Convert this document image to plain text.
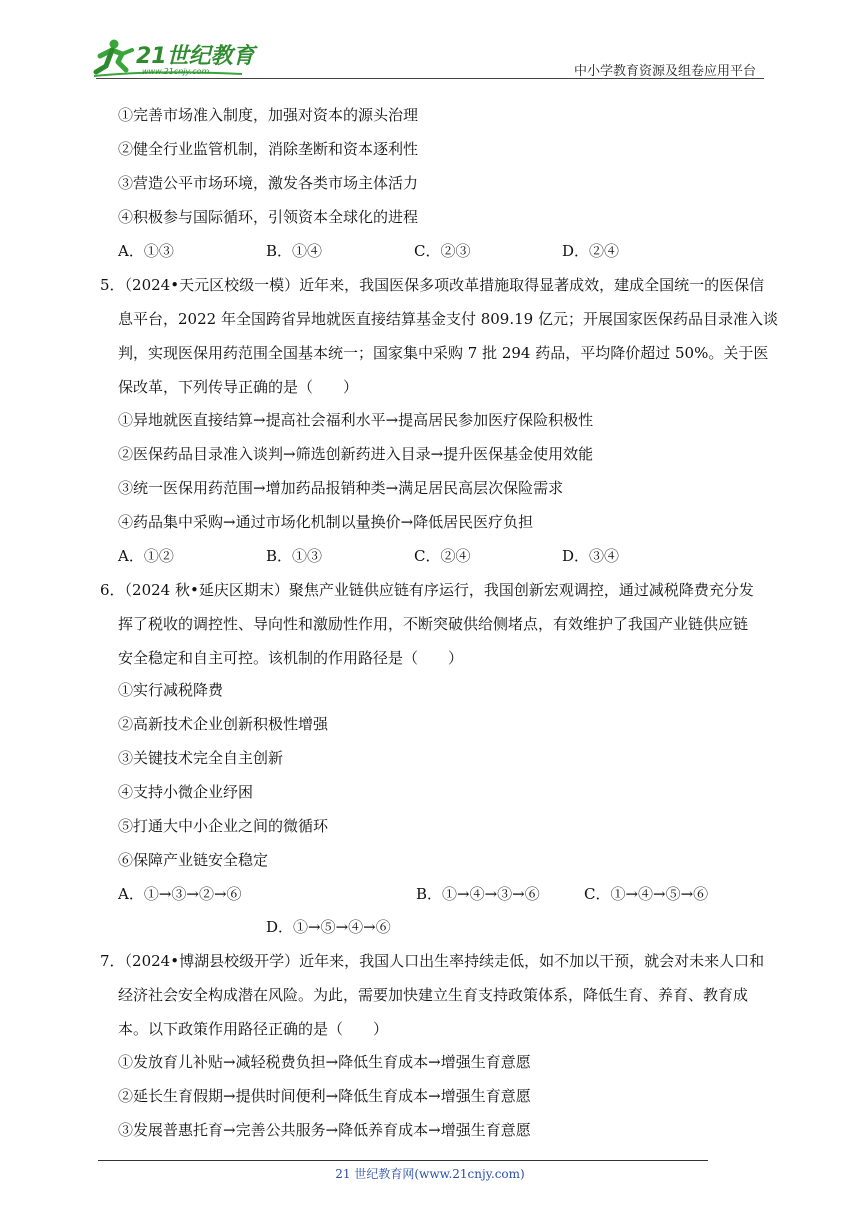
21世纪教育
www.21cnjy.com	中小学教育资源及组卷应用平台
①完善市场准入制度，加强对资本的源头治理
②健全行业监管机制，消除垄断和资本逐利性
③营造公平市场环境，激发各类市场主体活力
④积极参与国际循环，引领资本全球化的进程
A．①③	B．①④	C．②③	D．②④
5．（2024•天元区校级一模）近年来，我国医保多项改革措施取得显著成效，建成全国统一的医保信
息平台，2022 年全国跨省异地就医直接结算基金支付 809.19 亿元；开展国家医保药品目录准入谈
判，实现医保用药范围全国基本统一；国家集中采购 7 批 294 药品，平均降价超过 50%。关于医
保改革，下列传导正确的是（　　）
①异地就医直接结算→提高社会福利水平→提高居民参加医疗保险积极性
②医保药品目录准入谈判→筛选创新药进入目录→提升医保基金使用效能
③统一医保用药范围→增加药品报销种类→满足居民高层次保险需求
④药品集中采购→通过市场化机制以量换价→降低居民医疗负担
A．①②	B．①③	C．②④	D．③④
6．（2024 秋•延庆区期末）聚焦产业链供应链有序运行，我国创新宏观调控，通过减税降费充分发
挥了税收的调控性、导向性和激励性作用，不断突破供给侧堵点，有效维护了我国产业链供应链
安全稳定和自主可控。该机制的作用路径是（　　）
①实行减税降费
②高新技术企业创新积极性增强
③关键技术完全自主创新
④支持小微企业纾困
⑤打通大中小企业之间的微循环
⑥保障产业链安全稳定
A．①→③→②→⑥	B．①→④→③→⑥	C．①→④→⑤→⑥
D．①→⑤→④→⑥
7．（2024•博湖县校级开学）近年来，我国人口出生率持续走低，如不加以干预，就会对未来人口和
经济社会安全构成潜在风险。为此，需要加快建立生育支持政策体系，降低生育、养育、教育成
本。以下政策作用路径正确的是（　　）
①发放育儿补贴→减轻税费负担→降低生育成本→增强生育意愿
②延长生育假期→提供时间便利→降低生育成本→增强生育意愿
③发展普惠托育→完善公共服务→降低养育成本→增强生育意愿
21 世纪教育网(www.21cnjy.com)
